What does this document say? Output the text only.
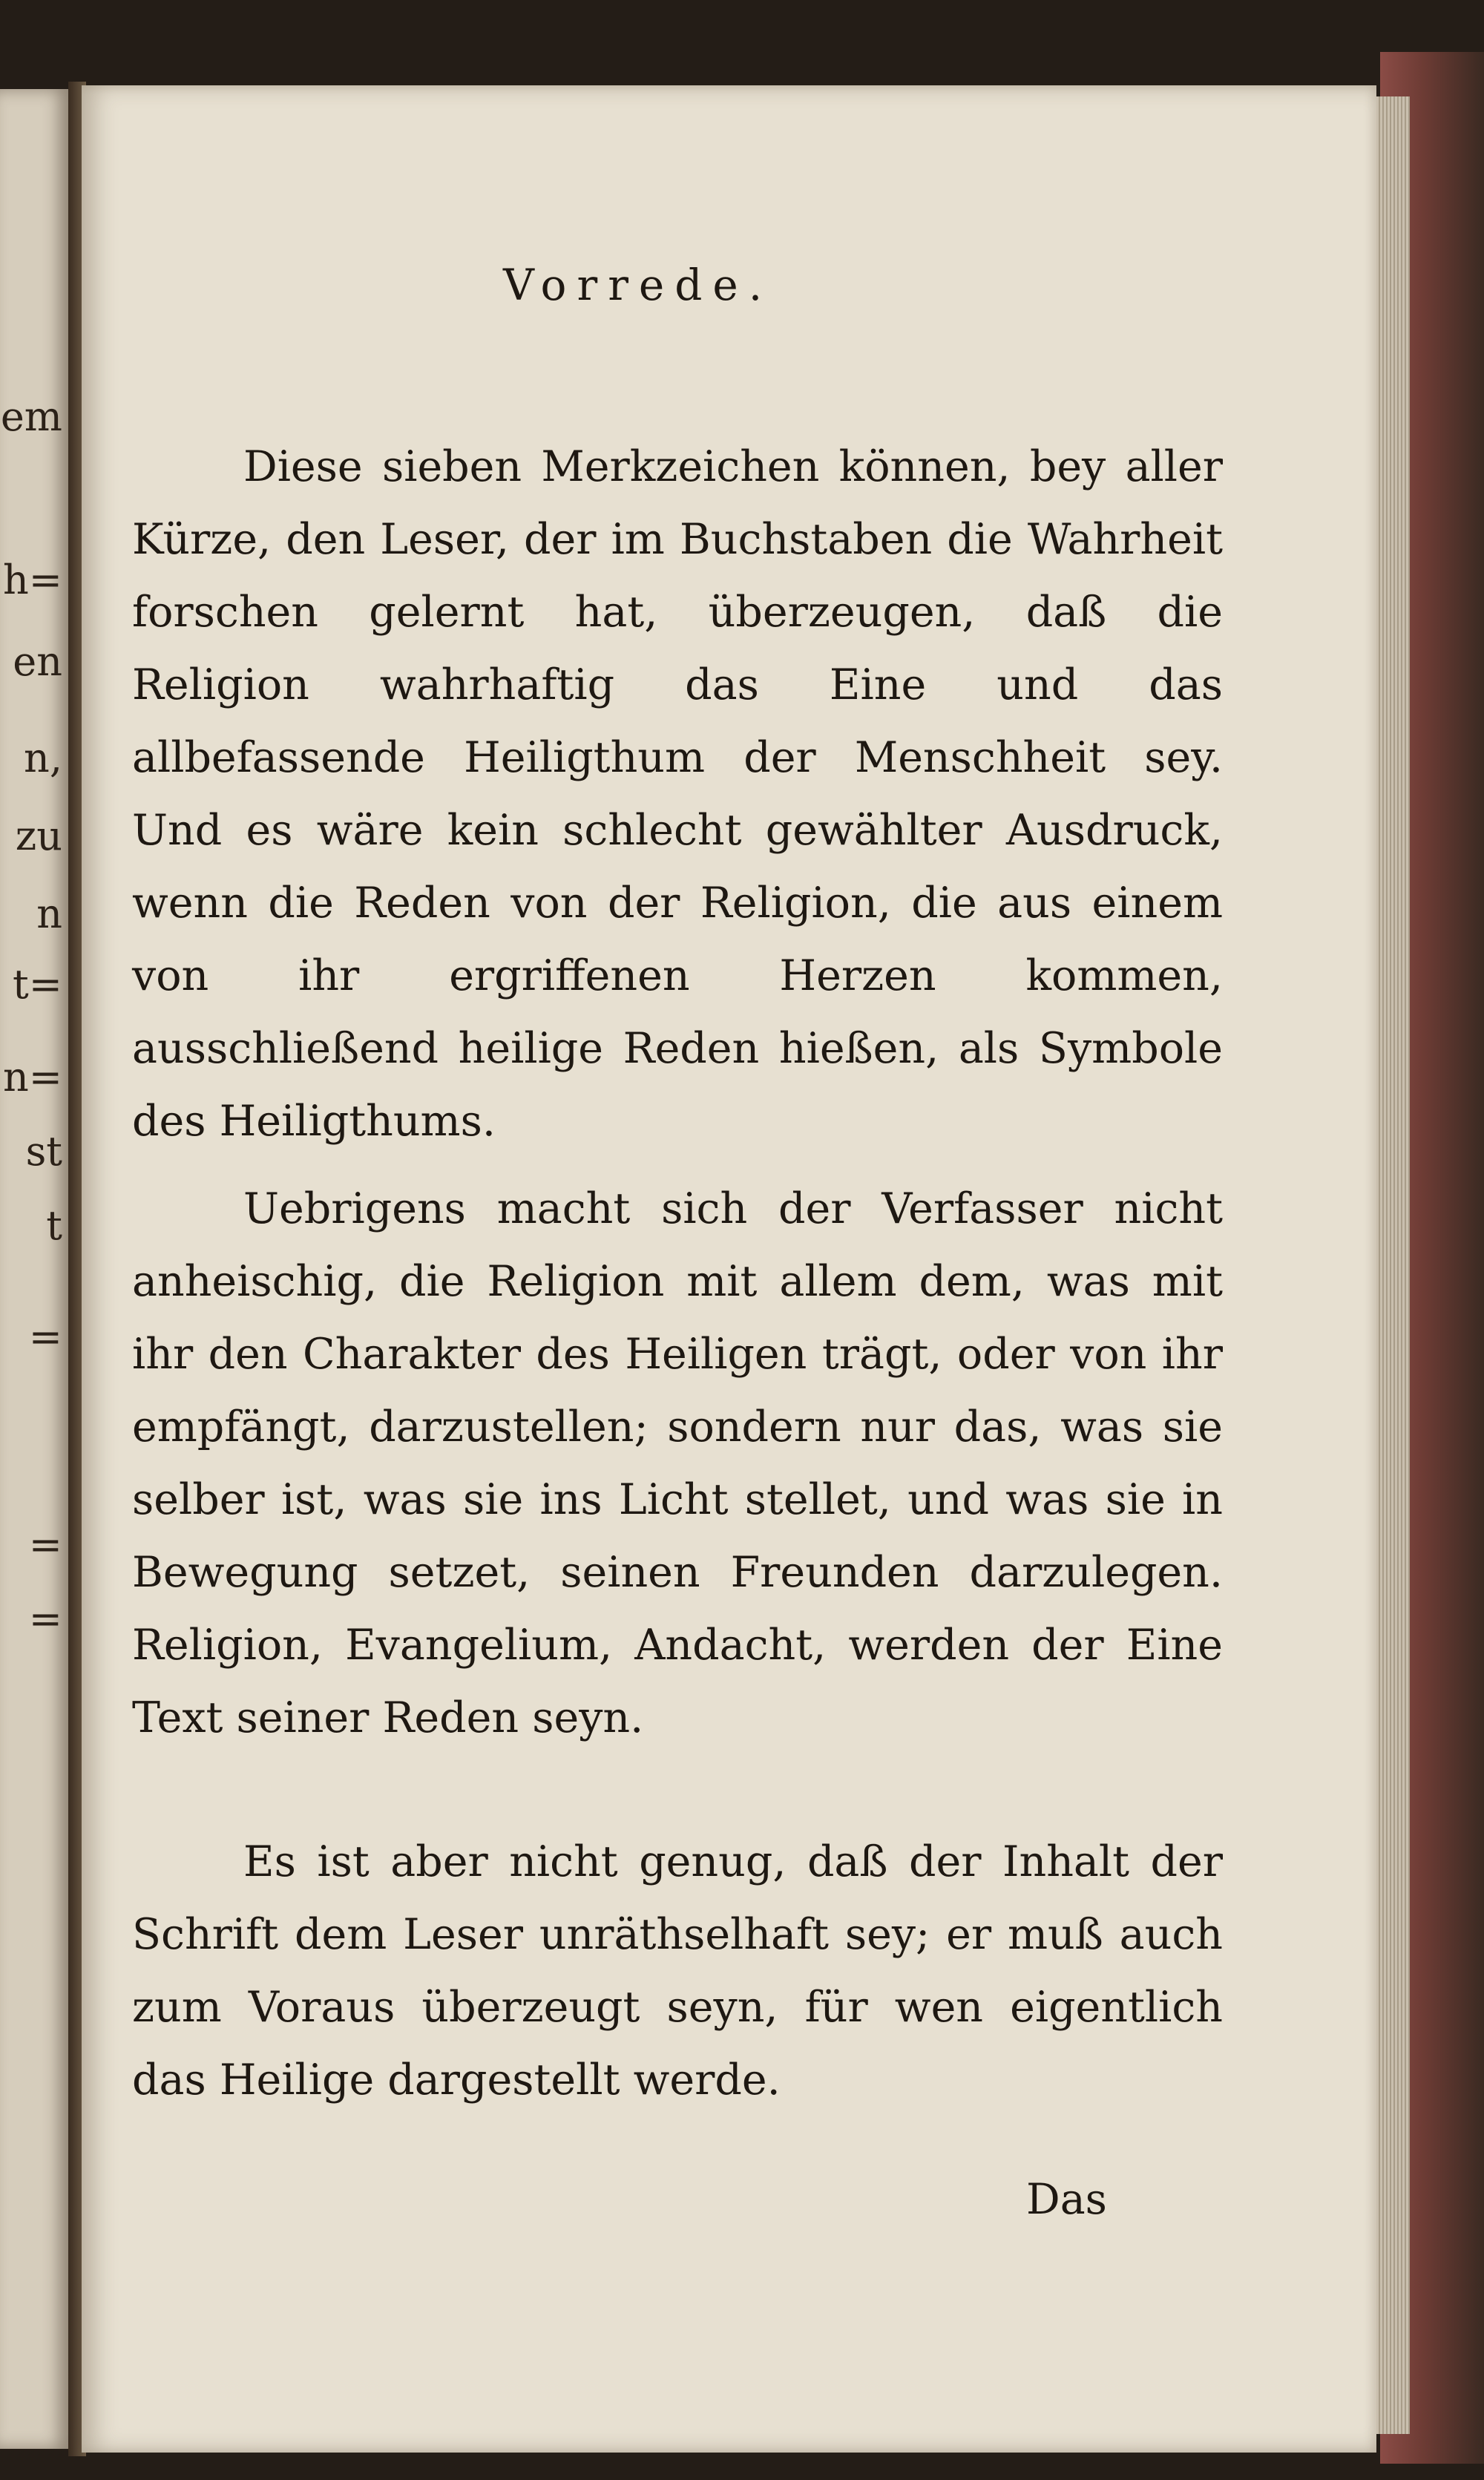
em
h=
en
n,
zu
n
t=
n=
st
t
=
=
=
Vorrede.

Diese sieben Merkzeichen können, bey aller Kürze, den Leser, der im Buchstaben die Wahrheit forschen gelernt hat, überzeugen, daß die Religion wahrhaftig das Eine und das allbefassende Heiligthum der Menschheit sey. Und es wäre kein schlecht gewählter Ausdruck, wenn die Reden von der Religion, die aus einem von ihr ergriffenen Herzen kommen, ausschließend heilige Reden hießen, als Symbole des Heiligthums.

Uebrigens macht sich der Verfasser nicht anheischig, die Religion mit allem dem, was mit ihr den Charakter des Heiligen trägt, oder von ihr empfängt, darzustellen; sondern nur das, was sie selber ist, was sie ins Licht stellet, und was sie in Bewegung setzet, seinen Freunden darzulegen. Religion, Evangelium, Andacht, werden der Eine Text seiner Reden seyn.

Es ist aber nicht genug, daß der Inhalt der Schrift dem Leser unräthselhaft sey; er muß auch zum Voraus überzeugt seyn, für wen eigentlich das Heilige dargestellt werde.

Das
